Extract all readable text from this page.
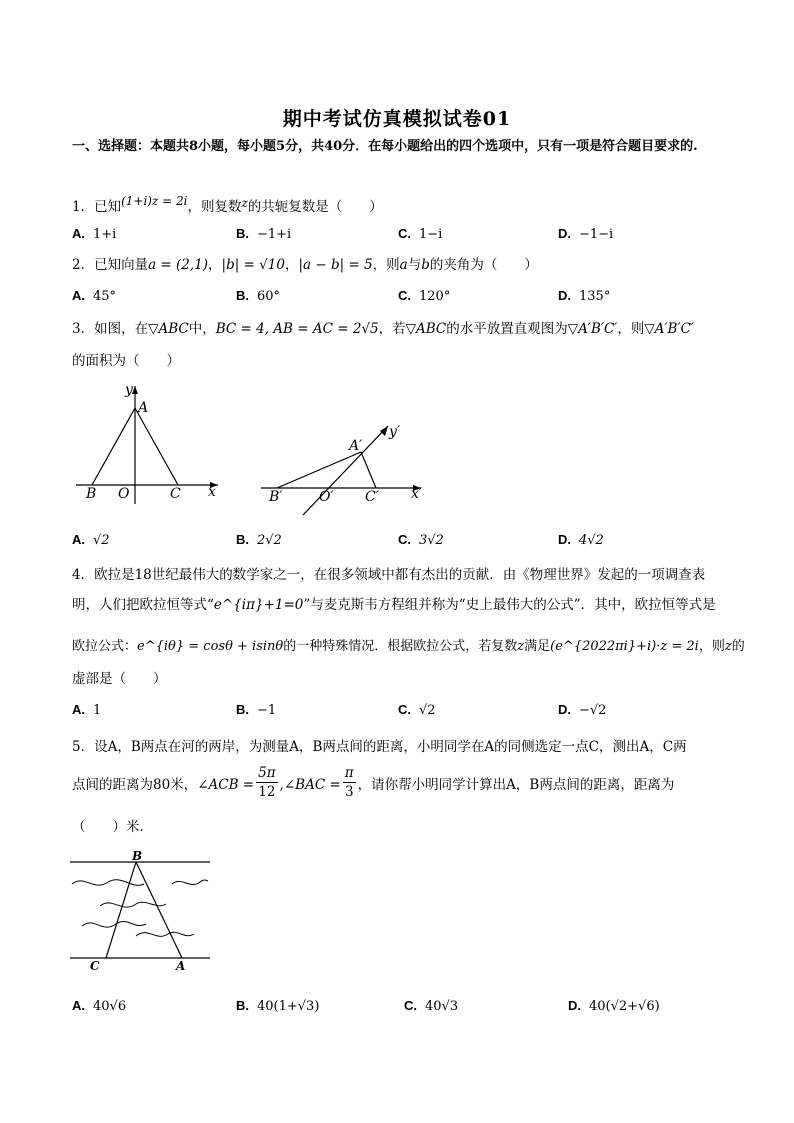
期中考试仿真模拟试卷01
一、选择题：本题共8小题，每小题5分，共40分．在每小题给出的四个选项中，只有一项是符合题目要求的.
1．已知(1+i)z = 2i，则复数z的共轭复数是（　　）
A. 1+i	B. −1+i	C. 1−i	D. −1−i
2．已知向量a = (2,1)，|b| = √10，|a − b| = 5，则a与b的夹角为（　　）
A. 45°	B. 60°	C. 120°	D. 135°
3．如图，在▽ABC中，BC = 4, AB = AC = 2√5，若▽ABC的水平放置直观图为▽A′B′C′，则▽A′B′C′
的面积为（　　）
y
A
B O	C x
y′
A′
B′	O′ C′ x′
A. √2	B. 2√2	C. 3√2	D. 4√2
4．欧拉是18世纪最伟大的数学家之一，在很多领域中都有杰出的贡献．由《物理世界》发起的一项调查表
明，人们把欧拉恒等式“e^{iπ}+1=0”与麦克斯韦方程组并称为“史上最伟大的公式”．其中，欧拉恒等式是
欧拉公式：e^{iθ} = cosθ + isinθ的一种特殊情况．根据欧拉公式，若复数z满足(e^{2022πi}+i)·z = 2i，则z的
虚部是（　　）
A. 1	B. −1	C. √2	D. −√2
5．设A，B两点在河的两岸，为测量A，B两点间的距离，小明同学在A的同侧选定一点C，测出A，C两
点间的距离为80米，∠ACB = $\frac{5\pi}{12}$ ,∠BAC = $\frac{\pi}{3}$ ，请你帮小明同学计算出A，B两点间的距离，距离为
（　　）米．
B
C	A
A. 40√6	B. 40(1+√3)	C. 40√3	D. 40(√2+√6)
